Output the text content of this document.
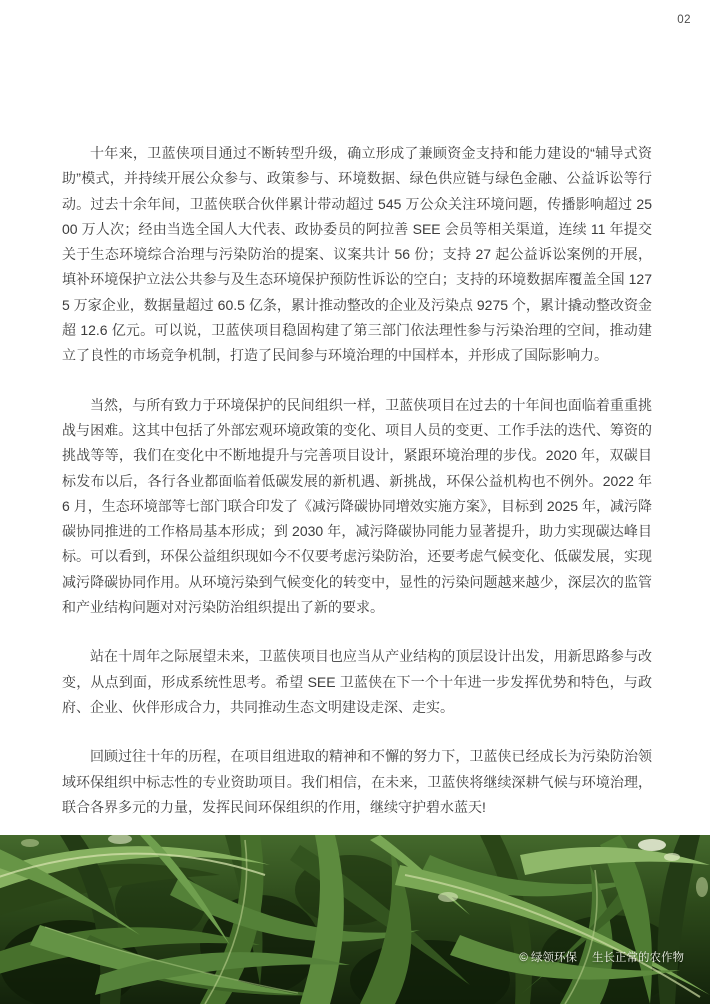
02

十年来，卫蓝侠项目通过不断转型升级，确立形成了兼顾资金支持和能力建设的“辅导式资助”模式，并持续开展公众参与、政策参与、环境数据、绿色供应链与绿色金融、公益诉讼等行动。过去十余年间，卫蓝侠联合伙伴累计带动超过 545 万公众关注环境问题，传播影响超过 2500 万人次；经由当选全国人大代表、政协委员的阿拉善 SEE 会员等相关渠道，连续 11 年提交关于生态环境综合治理与污染防治的提案、议案共计 56 份；支持 27 起公益诉讼案例的开展，填补环境保护立法公共参与及生态环境保护预防性诉讼的空白；支持的环境数据库覆盖全国 1275 万家企业，数据量超过 60.5 亿条，累计推动整改的企业及污染点 9275 个，累计撬动整改资金超 12.6 亿元。可以说，卫蓝侠项目稳固构建了第三部门依法理性参与污染治理的空间，推动建立了良性的市场竞争机制，打造了民间参与环境治理的中国样本，并形成了国际影响力。

当然，与所有致力于环境保护的民间组织一样，卫蓝侠项目在过去的十年间也面临着重重挑战与困难。这其中包括了外部宏观环境政策的变化、项目人员的变更、工作手法的迭代、筹资的挑战等等，我们在变化中不断地提升与完善项目设计，紧跟环境治理的步伐。2020 年，双碳目标发布以后，各行各业都面临着低碳发展的新机遇、新挑战，环保公益机构也不例外。2022 年 6 月，生态环境部等七部门联合印发了《减污降碳协同增效实施方案》，目标到 2025 年，减污降碳协同推进的工作格局基本形成；到 2030 年，减污降碳协同能力显著提升，助力实现碳达峰目标。可以看到，环保公益组织现如今不仅要考虑污染防治，还要考虑气候变化、低碳发展，实现减污降碳协同作用。从环境污染到气候变化的转变中，显性的污染问题越来越少，深层次的监管和产业结构问题对对污染防治组织提出了新的要求。

站在十周年之际展望未来，卫蓝侠项目也应当从产业结构的顶层设计出发，用新思路参与改变，从点到面，形成系统性思考。希望 SEE 卫蓝侠在下一个十年进一步发挥优势和特色，与政府、企业、伙伴形成合力，共同推动生态文明建设走深、走实。

回顾过往十年的历程，在项目组进取的精神和不懈的努力下，卫蓝侠已经成长为污染防治领域环保组织中标志性的专业资助项目。我们相信，在未来，卫蓝侠将继续深耕气候与环境治理，联合各界多元的力量，发挥民间环保组织的作用，继续守护碧水蓝天!

© 绿领环保 生长正常的农作物
